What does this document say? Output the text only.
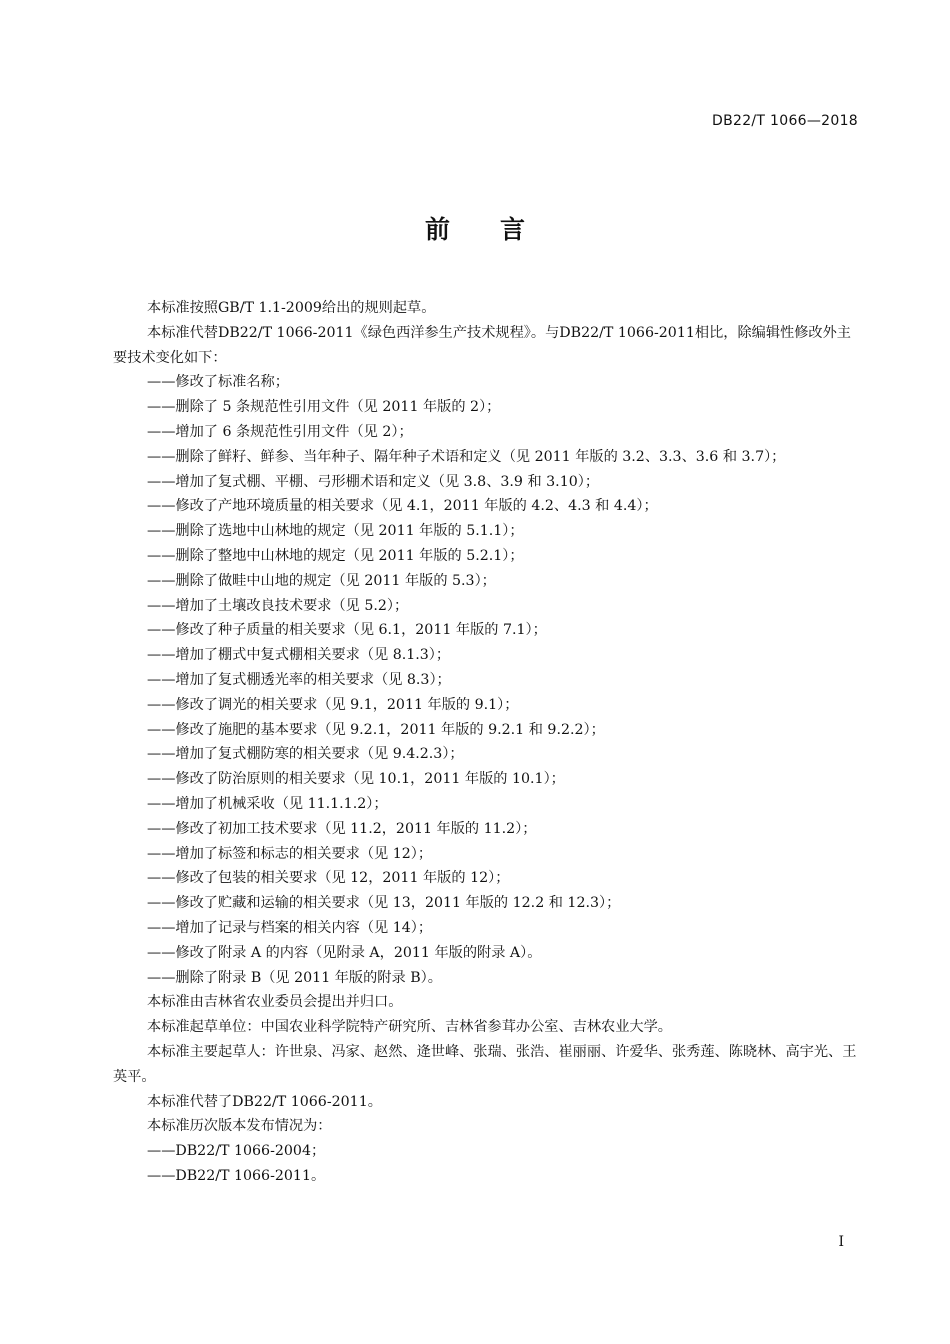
DB22/T 1066—2018
前言

本标准按照GB/T 1.1-2009给出的规则起草。

本标准代替DB22/T 1066-2011《绿色西洋参生产技术规程》。与DB22/T 1066-2011相比，除编辑性修改外主要技术变化如下：

——修改了标准名称；

——删除了 5 条规范性引用文件（见 2011 年版的 2）；

——增加了 6 条规范性引用文件（见 2）；

——删除了鲜籽、鲜参、当年种子、隔年种子术语和定义（见 2011 年版的 3.2、3.3、3.6 和 3.7）；

——增加了复式棚、平棚、弓形棚术语和定义（见 3.8、3.9 和 3.10）；

——修改了产地环境质量的相关要求（见 4.1，2011 年版的 4.2、4.3 和 4.4）；

——删除了选地中山林地的规定（见 2011 年版的 5.1.1）；

——删除了整地中山林地的规定（见 2011 年版的 5.2.1）；

——删除了做畦中山地的规定（见 2011 年版的 5.3）；

——增加了土壤改良技术要求（见 5.2）；

——修改了种子质量的相关要求（见 6.1，2011 年版的 7.1）；

——增加了棚式中复式棚相关要求（见 8.1.3）；

——增加了复式棚透光率的相关要求（见 8.3）；

——修改了调光的相关要求（见 9.1，2011 年版的 9.1）；

——修改了施肥的基本要求（见 9.2.1，2011 年版的 9.2.1 和 9.2.2）；

——增加了复式棚防寒的相关要求（见 9.4.2.3）；

——修改了防治原则的相关要求（见 10.1，2011 年版的 10.1）；

——增加了机械采收（见 11.1.1.2）；

——修改了初加工技术要求（见 11.2，2011 年版的 11.2）；

——增加了标签和标志的相关要求（见 12）；

——修改了包装的相关要求（见 12，2011 年版的 12）；

——修改了贮藏和运输的相关要求（见 13，2011 年版的 12.2 和 12.3）；

——增加了记录与档案的相关内容（见 14）；

——修改了附录 A 的内容（见附录 A，2011 年版的附录 A）。

——删除了附录 B（见 2011 年版的附录 B）。

本标准由吉林省农业委员会提出并归口。

本标准起草单位：中国农业科学院特产研究所、吉林省参茸办公室、吉林农业大学。

本标准主要起草人：许世泉、冯家、赵然、逄世峰、张瑞、张浩、崔丽丽、许爱华、张秀莲、陈晓林、高宇光、王英平。

本标准代替了DB22/T 1066-2011。

本标准历次版本发布情况为：

——DB22/T 1066-2004；

——DB22/T 1066-2011。

I
